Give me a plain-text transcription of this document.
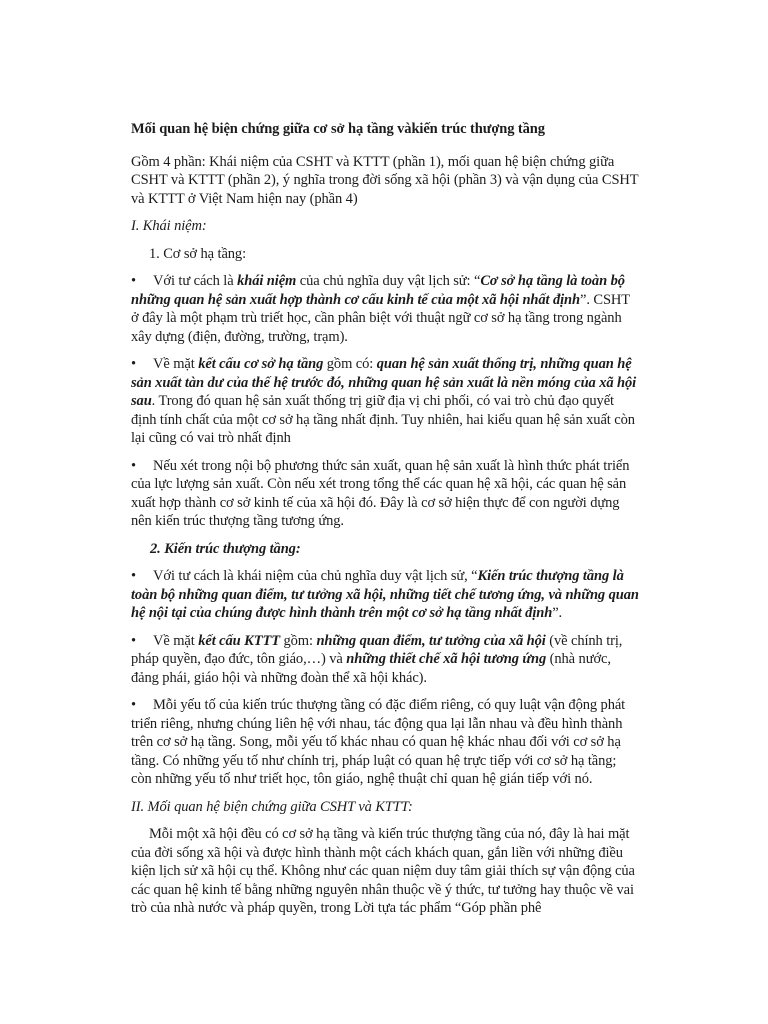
Mối quan hệ biện chứng giữa cơ sở hạ tầng vàkiến trúc thượng tầng
Gồm 4 phần: Khái niệm của CSHT và KTTT (phần 1), mối quan hệ biện chứng giữa CSHT và KTTT (phần 2), ý nghĩa trong đời sống xã hội (phần 3) và vận dụng của CSHT và KTTT ở Việt Nam hiện nay (phần 4)
I. Khái niệm:
1. Cơ sở hạ tầng:
•	Với tư cách là khái niệm của chủ nghĩa duy vật lịch sử: “Cơ sở hạ tầng là toàn bộ những quan hệ sản xuất hợp thành cơ cấu kinh tế của một xã hội nhất định”. CSHT ở đây là một phạm trù triết học, cần phân biệt với thuật ngữ cơ sở hạ tầng trong ngành xây dựng (điện, đường, trường, trạm).
•	Về mặt kết cấu cơ sở hạ tầng gồm có: quan hệ sản xuất thống trị, những quan hệ sản xuất tàn dư của thế hệ trước đó, những quan hệ sản xuất là nền móng của xã hội sau. Trong đó quan hệ sản xuất thống trị giữ địa vị chi phối, có vai trò chủ đạo quyết định tính chất của một cơ sở hạ tầng nhất định. Tuy nhiên, hai kiểu quan hệ sản xuất còn lại cũng có vai trò nhất định
•	Nếu xét trong nội bộ phương thức sản xuất, quan hệ sản xuất là hình thức phát triển của lực lượng sản xuất. Còn nếu xét trong tổng thể các quan hệ xã hội, các quan hệ sản xuất hợp thành cơ sở kinh tế của xã hội đó. Đây là cơ sở hiện thực để con người dựng nên kiến trúc thượng tầng tương ứng.
2. Kiến trúc thượng tầng:
•	Với tư cách là khái niệm của chủ nghĩa duy vật lịch sử, “Kiến trúc thượng tầng là toàn bộ những quan điểm, tư tưởng xã hội, những tiết chế tương ứng, và những quan hệ nội tại của chúng được hình thành trên một cơ sở hạ tầng nhất định”.
•	Về mặt kết cấu KTTT gồm: những quan điểm, tư tưởng của xã hội (về chính trị, pháp quyền, đạo đức, tôn giáo,…) và những thiết chế xã hội tương ứng (nhà nước, đảng phái, giáo hội và những đoàn thể xã hội khác).
•	Mỗi yếu tố của kiến trúc thượng tầng có đặc điểm riêng, có quy luật vận động phát triển riêng, nhưng chúng liên hệ với nhau, tác động qua lại lẫn nhau và đều hình thành trên cơ sở hạ tầng. Song, mỗi yếu tố khác nhau có quan hệ khác nhau đối với cơ sở hạ tầng. Có những yếu tố như chính trị, pháp luật có quan hệ trực tiếp với cơ sở hạ tầng; còn những yếu tố như triết học, tôn giáo, nghệ thuật chỉ quan hệ gián tiếp với nó.
II. Mối quan hệ biện chứng giữa CSHT và KTTT:
Mỗi một xã hội đều có cơ sở hạ tầng và kiến trúc thượng tầng của nó, đây là hai mặt của đời sống xã hội và được hình thành một cách khách quan, gắn liền với những điều kiện lịch sử xã hội cụ thể. Không như các quan niệm duy tâm giải thích sự vận động của các quan hệ kinh tế bằng những nguyên nhân thuộc về ý thức, tư tưởng hay thuộc về vai trò của nhà nước và pháp quyền, trong Lời tựa tác phẩm “Góp phần phê
